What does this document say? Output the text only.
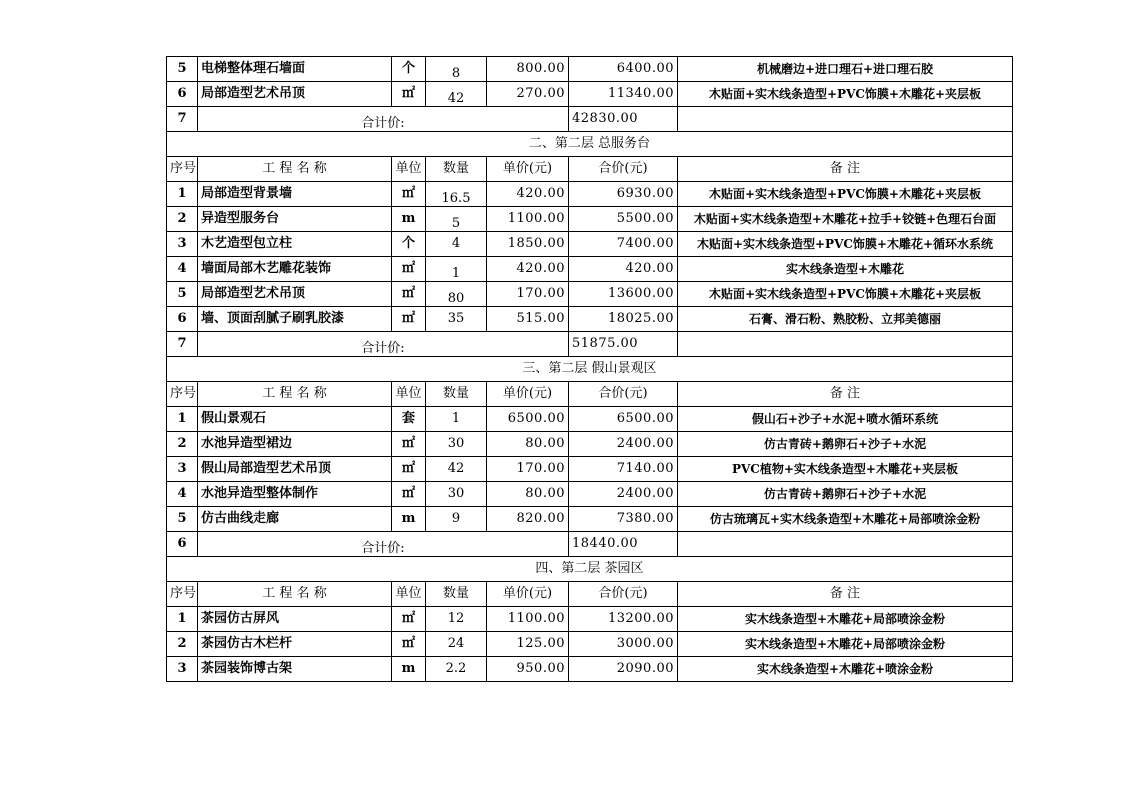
5	电梯整体理石墙面	个	8	800.00	6400.00	机械磨边+进口理石+进口理石胶
6	局部造型艺术吊顶	㎡	42	270.00	11340.00	木贴面+实木线条造型+PVC饰膜+木雕花+夹层板
7	合计价:				42830.00	
二、第二层 总服务台						
序号	工 程 名 称	单位	数量	单价(元)	合价(元)	备 注
1	局部造型背景墙	㎡	16.5	420.00	6930.00	木贴面+实木线条造型+PVC饰膜+木雕花+夹层板
2	异造型服务台	m	5	1100.00	5500.00	木贴面+实木线条造型+木雕花+拉手+铰链+色理石台面
3	木艺造型包立柱	个	4	1850.00	7400.00	木贴面+实木线条造型+PVC饰膜+木雕花+循环水系统
4	墙面局部木艺雕花装饰	㎡	1	420.00	420.00	实木线条造型+木雕花
5	局部造型艺术吊顶	㎡	80	170.00	13600.00	木贴面+实木线条造型+PVC饰膜+木雕花+夹层板
6	墙、顶面刮腻子刷乳胶漆	㎡	35	515.00	18025.00	石膏、滑石粉、熟胶粉、立邦美德丽
7	合计价:				51875.00	
三、第二层 假山景观区						
序号	工 程 名 称	单位	数量	单价(元)	合价(元)	备 注
1	假山景观石	套	1	6500.00	6500.00	假山石+沙子+水泥+喷水循环系统
2	水池异造型裙边	㎡	30	80.00	2400.00	仿古青砖+鹅卵石+沙子+水泥
3	假山局部造型艺术吊顶	㎡	42	170.00	7140.00	PVC植物+实木线条造型+木雕花+夹层板
4	水池异造型整体制作	㎡	30	80.00	2400.00	仿古青砖+鹅卵石+沙子+水泥
5	仿古曲线走廊	m	9	820.00	7380.00	仿古琉璃瓦+实木线条造型+木雕花+局部喷涂金粉
6	合计价:				18440.00	
四、第二层 茶园区						
序号	工 程 名 称	单位	数量	单价(元)	合价(元)	备 注
1	茶园仿古屏风	㎡	12	1100.00	13200.00	实木线条造型+木雕花+局部喷涂金粉
2	茶园仿古木栏杆	㎡	24	125.00	3000.00	实木线条造型+木雕花+局部喷涂金粉
3	茶园装饰博古架	m	2.2	950.00	2090.00	实木线条造型+木雕花+喷涂金粉
